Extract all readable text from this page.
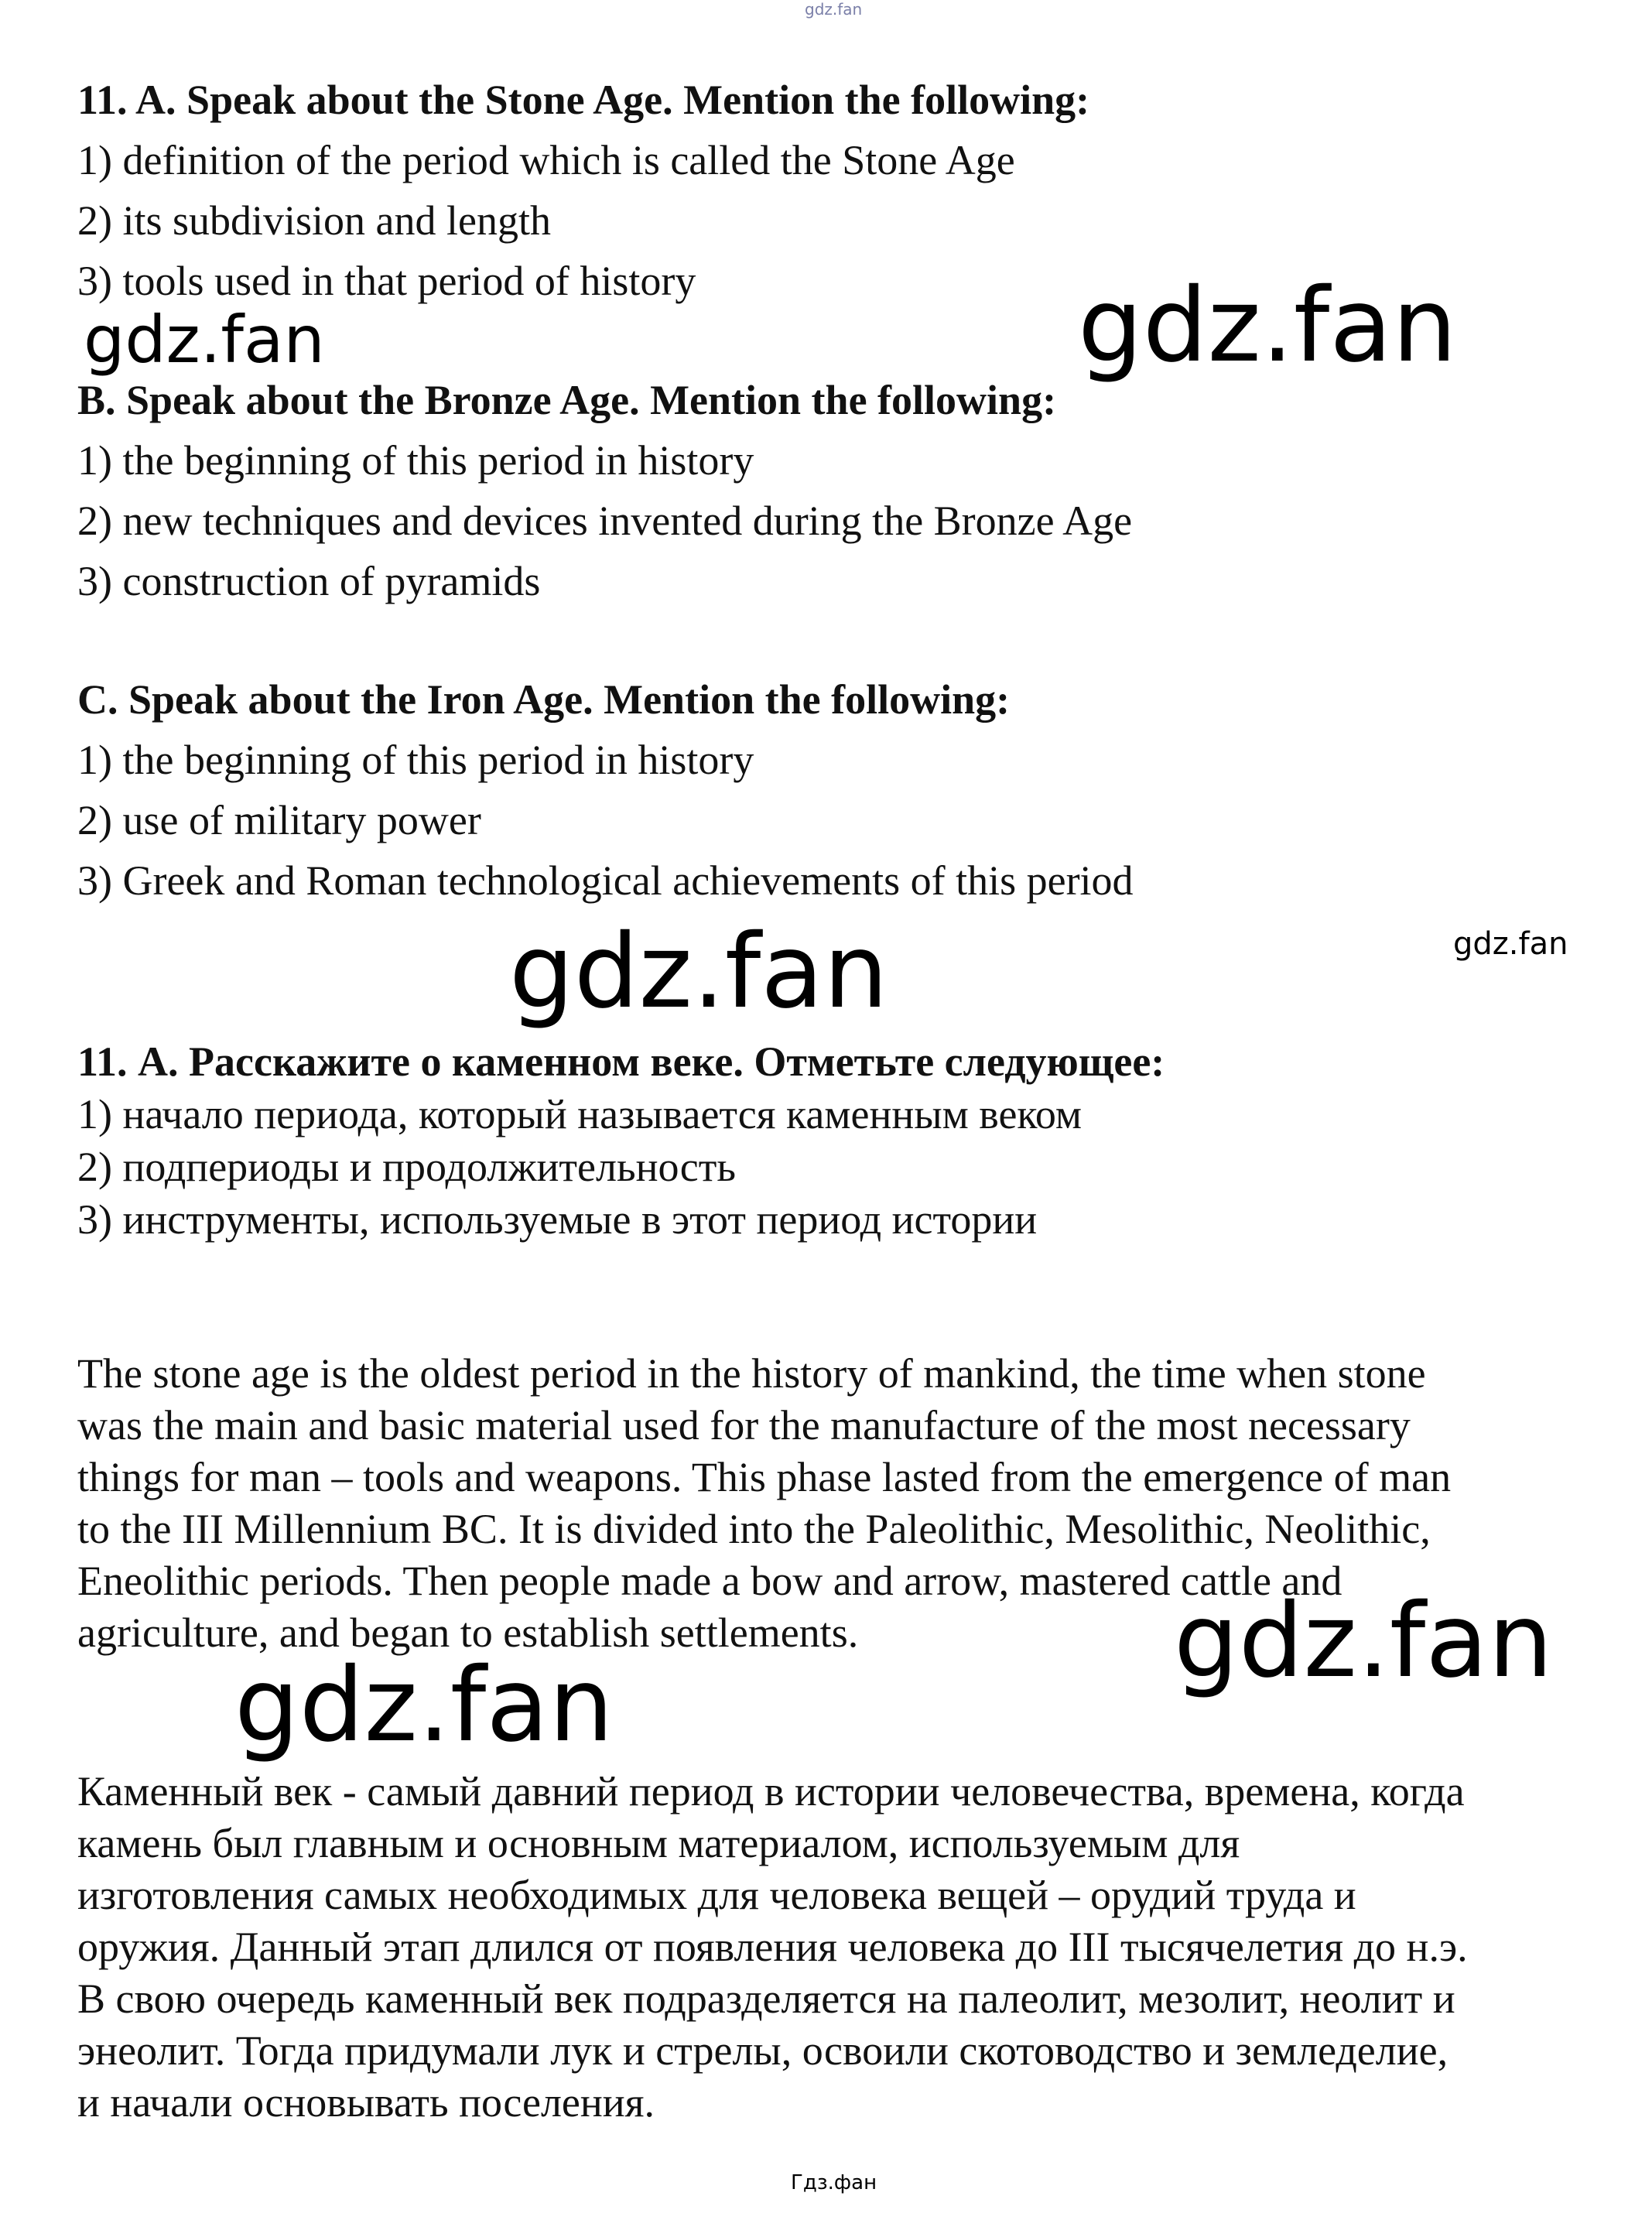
gdz.fan
11. A. Speak about the Stone Age. Mention the following:
1) definition of the period which is called the Stone Age
2) its subdivision and length
3) tools used in that period of history
gdz.fan	gdz.fan
B. Speak about the Bronze Age. Mention the following:
1) the beginning of this period in history
2) new techniques and devices invented during the Bronze Age
3) construction of pyramids
C. Speak about the Iron Age. Mention the following:
1) the beginning of this period in history
2) use of military power
3) Greek and Roman technological achievements of this period
gdz.fan	gdz.fan
11. А. Расскажите о каменном веке. Отметьте следующее:
1) начало периода, который называется каменным веком
2) подпериоды и продолжительность
3) инструменты, используемые в этот период истории
The stone age is the oldest period in the history of mankind, the time when stone
was the main and basic material used for the manufacture of the most necessary
things for man – tools and weapons. This phase lasted from the emergence of man
to the III Millennium BC. It is divided into the Paleolithic, Mesolithic, Neolithic,
Eneolithic periods. Then people made a bow and arrow, mastered cattle and
agriculture, and began to establish settlements.	gdz.fan
gdz.fan
Каменный век - самый давний период в истории человечества, времена, когда
камень был главным и основным материалом, используемым для
изготовления самых необходимых для человека вещей – орудий труда и
оружия. Данный этап длился от появления человека до III тысячелетия до н.э.
В свою очередь каменный век подразделяется на палеолит, мезолит, неолит и
энеолит. Тогда придумали лук и стрелы, освоили скотоводство и земледелие,
и начали основывать поселения.
Гдз.фан
